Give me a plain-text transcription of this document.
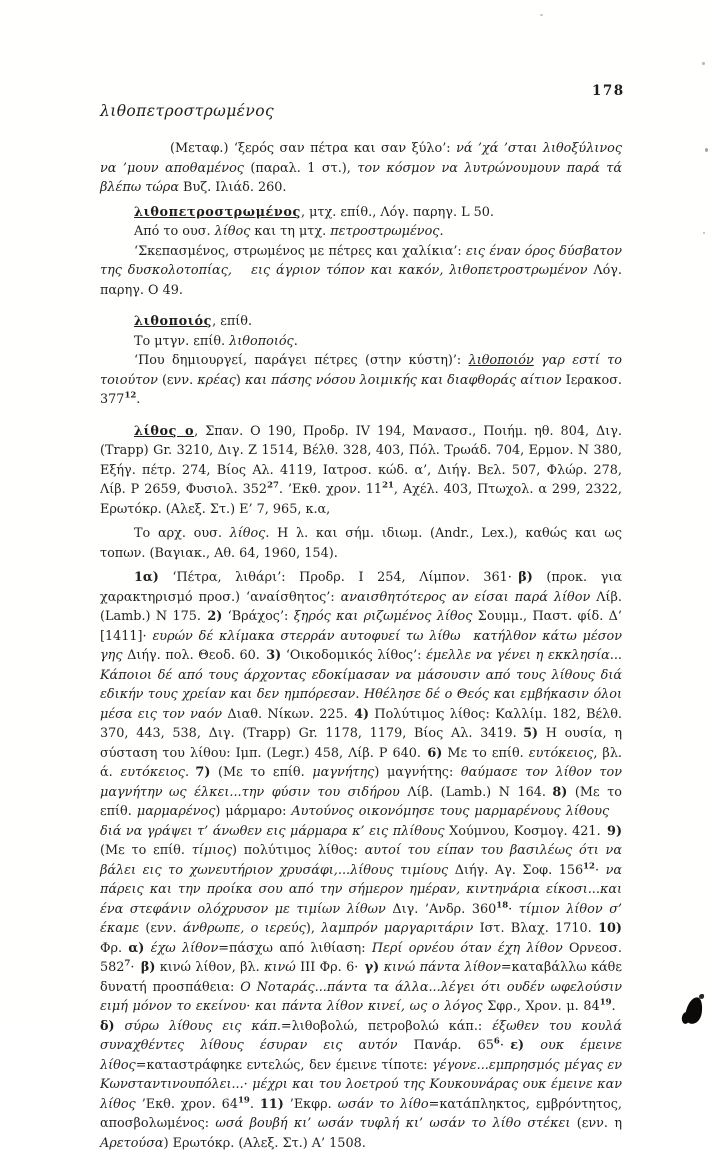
178
λιθοπετροστρωμένος

(Μεταφ.) ‘ξερός σαν πέτρα και σαν ξύλο’: νά ’χά ’σται λιθοξύλινος να ’μουν αποθαμένος (παραλ. 1 στ.), τον κόσμον να λυτρώνουμουν παρά τά βλέπω τώρα Βυζ. Ιλιάδ. 260.

λιθοπετροστρωμένος, μτχ. επίθ., Λόγ. παρηγ. L 50.

Από το ουσ. λίθος και τη μτχ. πετροστρωμένος.

‘Σκεπασμένος, στρωμένος με πέτρες και χαλίκια’: εις έναν όρος δύσβατον της δυσκολοτοπίας,    εις άγριον τόπον και κακόν, λιθοπετροστρωμένον Λόγ. παρηγ. Ο 49.

λιθοποιός, επίθ.

Το μτγν. επίθ. λιθοποιός.

‘Που δημιουργεί, παράγει πέτρες (στην κύστη)’: λιθοποιόν γαρ εστί το τοιούτον (ενν. κρέας) και πάσης νόσου λοιμικής και διαφθοράς αίτιον Ιερακοσ. $377^{12}$.

λίθος ο, Σπαν. Ο 190, Προδρ. IV 194, Μανασσ., Ποιήμ. ηθ. 804, Διγ. (Trapp) Gr. 3210, Διγ. Ζ 1514, Βέλθ. 328, 403, Πόλ. Τρωάδ. 704, Ερμον. Ν 380, Εξήγ. πέτρ. 274, Βίος Αλ. 4119, Ιατροσ. κώδ. α’, Διήγ. Βελ. 507, Φλώρ. 278, Λίβ. Ρ 2659, Φυσιολ. $352^{27}$. ’Εκθ. χρον. $11^{21}$, Αχέλ. 403, Πτωχολ. α 299, 2322, Ερωτόκρ. (Αλεξ. Στ.) Ε’ 7, 965, κ.α,

Το αρχ. ουσ. λίθος. Η λ. και σήμ. ιδιωμ. (Andr., Lex.), καθώς και ως τοπων. (Βαγιακ., Αθ. 64, 1960, 154).

1α) ‘Πέτρα, λιθάρι’: Προδρ. Ι 254, Λίμπον. 361· β) (προκ. για χαρακτηρισμό προσ.) ‘αναίσθητος’: αναισθητότερος αν είσαι παρά λίθον Λίβ. (Lamb.) Ν 175. 2) ‘Βράχος’: ξηρός και ριζωμένος λίθος Σουμμ., Παστ. φίδ. Δ’ [1411]· ευρών δέ κλίμακα στερράν αυτοφυεί τω λίθω   κατήλθον κάτω μέσον γης Διήγ. πολ. Θεοδ. 60. 3) ‘Οικοδομικός λίθος’: έμελλε να γένει η εκκλησία... Κάποιοι δέ από τους άρχοντας εδοκίμασαν να μάσουσιν από τους λίθους διά εδικήν τους χρείαν και δεν ημπόρεσαν. Ηθέλησε δέ ο Θεός και εμβήκασιν όλοι μέσα εις τον ναόν Διαθ. Νίκων. 225. 4) Πολύτιμος λίθος: Καλλίμ. 182, Βέλθ. 370, 443, 538, Διγ. (Trapp) Gr. 1178, 1179, Βίος Αλ. 3419. 5) Η ουσία, η σύσταση του λίθου: Ιμπ. (Legr.) 458, Λίβ. Ρ 640. 6) Με το επίθ. ευτόκειος, βλ. ά. ευτόκειος. 7) (Με το επίθ. μαγνήτης) μαγνήτης: θαύμασε τον λίθον τον μαγνήτην  ως έλκει...την φύσιν του σιδήρου Λίβ. (Lamb.) Ν 164. 8) (Με το επίθ. μαρμαρένος) μάρμαρο: Αυτούνος οικονόμησε τους μαρμαρένους λίθους  διά να γράψει τ’ άνωθεν εις μάρμαρα κ’ εις πλίθους Χούμνου, Κοσμογ. 421. 9) (Με το επίθ. τίμιος) πολύτιμος λίθος: αυτοί του είπαν του βασιλέως ότι να βάλει εις το χωνευτήριον χρυσάφι,...λίθους τιμίους Διήγ. Αγ. Σοφ. $156^{12}\cdot \nu\alpha$ πάρεις και την προίκα σου από την σήμερον ημέραν, κιντηνάρια είκοσι...και ένα στεφάνιν ολόχρυσον με τιμίων λίθων Διγ. ’Ανδρ. $360^{18}\cdot \tau ί\mu\iota o\nu$ λίθον σ’ έκαμε (ενν. άνθρωπε, ο ιερεύς), λαμπρόν μαργαριτάριν Ιστ. Βλαχ. 1710. 10) Φρ. α) έχω λίθον=πάσχω από λιθίαση: Περί ορνέου όταν έχη λίθον Ορνεοσ. $582^7\cdot$ β) κινώ λίθον, βλ. κινώ ΙΙΙ Φρ. 6· γ) κινώ πάντα λίθον=καταβάλλω κάθε δυνατή προσπάθεια: Ο Νοταράς...πάντα τα άλλα...λέγει ότι ουδέν ωφελούσιν ειμή μόνον το εκείνου· και πάντα λίθον κινεί, ως ο λόγος Σφρ., Χρον. μ. $84^{19}$. δ) σύρω λίθους εις κάπ.=λιθοβολώ, πετροβολώ κάπ.: έξωθεν του κουλά συναχθέντες λίθους έσυραν εις αυτόν Πανάρ. $65^6\cdot$ ε) ουκ έμεινε λίθος=καταστράφηκε εντελώς, δεν έμεινε τίποτε: γέγονε...εμπρησμός μέγας εν Κωνσταντινουπόλει...· μέχρι και του λοετρού της Κουκουνάρας ουκ έμεινε καν λίθος ’Εκθ. χρον. $64^{19}$. 11) ’Εκφρ. ωσάν το λίθο=κατάπληκτος, εμβρόντητος, αποσβολωμένος: ωσά βουβή κι’ ωσάν τυφλή κι’ ωσάν το λίθο στέκει (ενν. η Αρετούσα) Ερωτόκρ. (Αλεξ. Στ.) Α’ 1508.
